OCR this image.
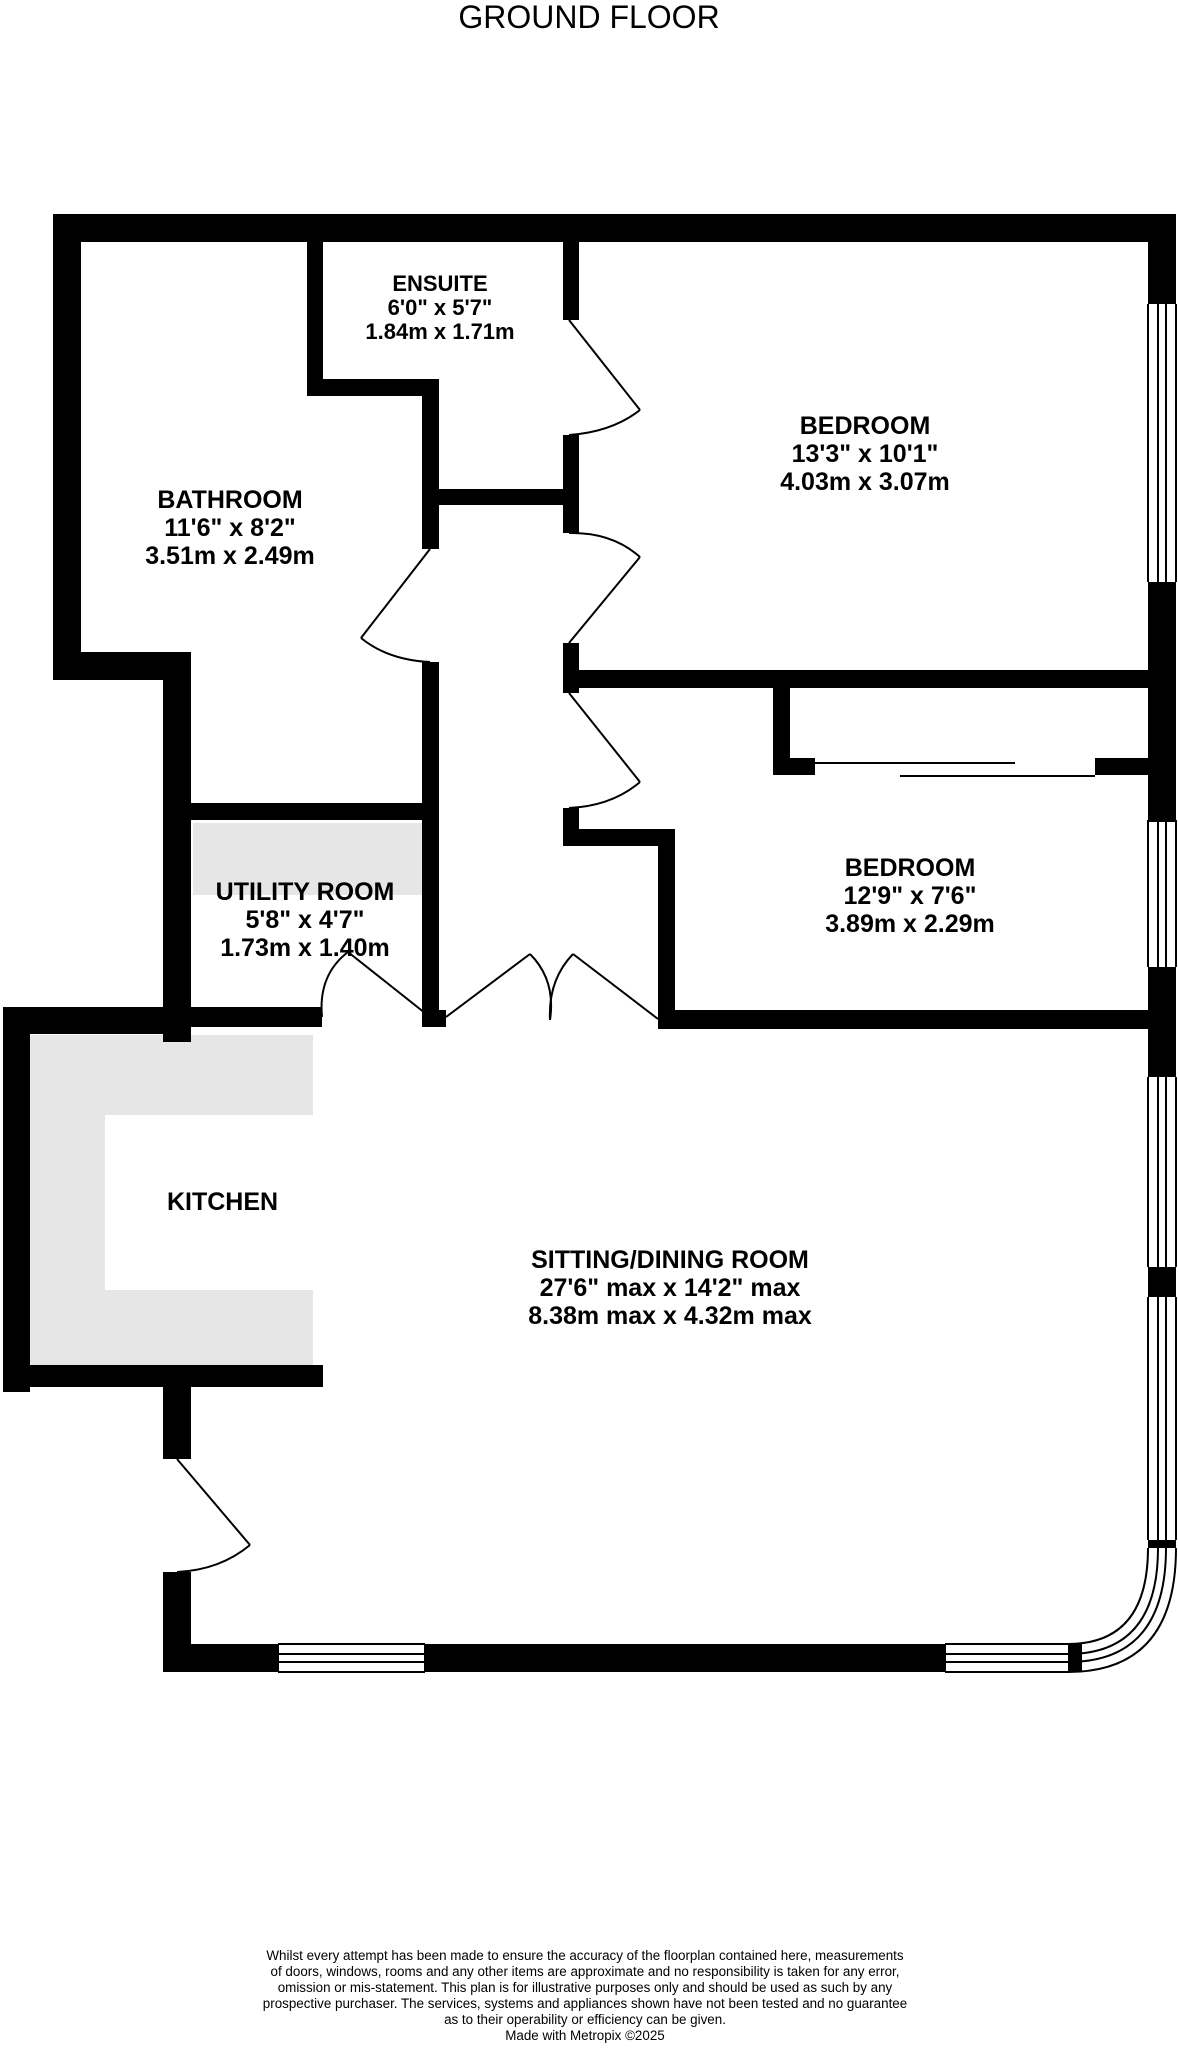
GROUND FLOOR
ENSUITE
6'0" x 5'7"
1.84m x 1.71m
BEDROOM
13'3" x 10'1"
4.03m x 3.07m
BATHROOM
11'6" x 8'2"
3.51m x 2.49m
BEDROOM
12'9" x 7'6"
3.89m x 2.29m
UTILITY ROOM
5'8" x 4'7"
1.73m x 1.40m
KITCHEN
SITTING/DINING ROOM
27'6" max x 14'2" max
8.38m max x 4.32m max
Whilst every attempt has been made to ensure the accuracy of the floorplan contained here, measurements
of doors, windows, rooms and any other items are approximate and no responsibility is taken for any error,
omission or mis-statement. This plan is for illustrative purposes only and should be used as such by any
prospective purchaser. The services, systems and appliances shown have not been tested and no guarantee
as to their operability or efficiency can be given.
Made with Metropix ©2025
